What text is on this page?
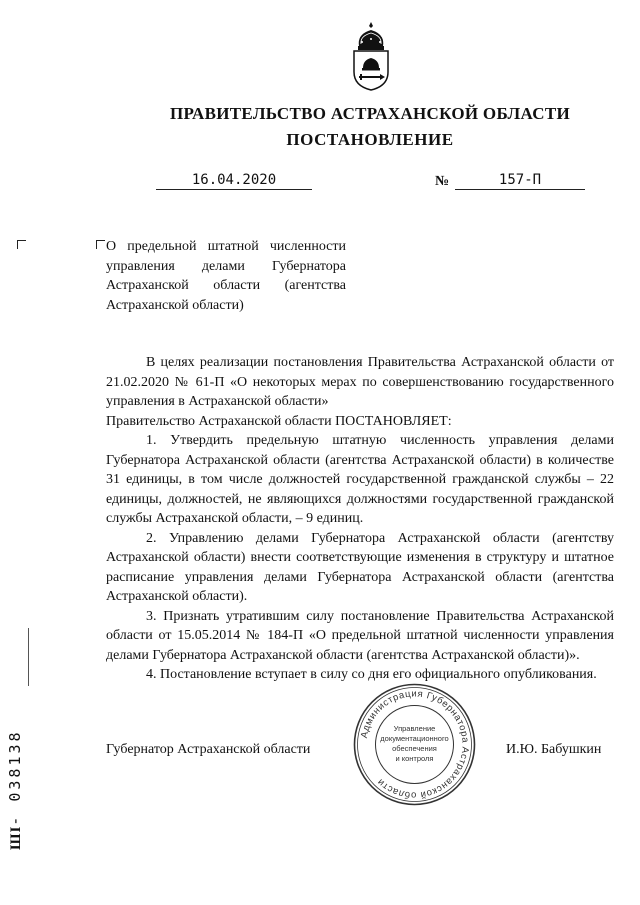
ПРАВИТЕЛЬСТВО АСТРАХАНСКОЙ ОБЛАСТИ
ПОСТАНОВЛЕНИЕ
16.04.2020	№	157-П
О предельной штатной численности
управления делами Губернатора
Астраханской области (агентства
Астраханской области)

В целях реализации постановления Правительства Астраханской области от 21.02.2020 № 61-П «О некоторых мерах по совершенствованию государственного управления в Астраханской области»

Правительство Астраханской области ПОСТАНОВЛЯЕТ:

1. Утвердить предельную штатную численность управления делами Губернатора Астраханской области (агентства Астраханской области) в количестве 31 единицы, в том числе должностей государственной гражданской службы – 22 единицы, должностей, не являющихся должностями государственной гражданской службы Астраханской области, – 9 единиц.

2. Управлению делами Губернатора Астраханской области (агентству Астраханской области) внести соответствующие изменения в структуру и штатное расписание управления делами Губернатора Астраханской области (агентства Астраханской области).

3. Признать утратившим силу постановление Правительства Астраханской области от 15.05.2014 № 184-П «О предельной штатной численности управления делами Губернатора Астраханской области (агентства Астраханской области)».

4. Постановление вступает в силу со дня его официального опубликования.

Губернатор Астраханской области	И.Ю. Бабушкин
Администрация Губернатора Астраханской области
Управление
документационного
обеспечения
и контроля
ШI- 038138
